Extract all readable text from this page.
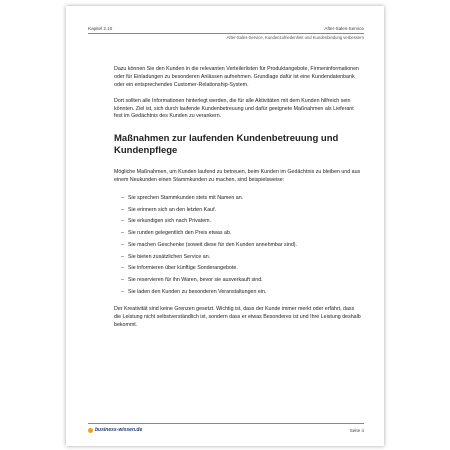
Kapitel 2.10	After-Sales-Service
After-Sales-Service, Kundenzufriedenheit und Kundenbindung verbessern

Dazu können Sie den Kunden in die relevanten Verteilerlisten für Produktangebote, Firmeninformationen oder für Einladungen zu besonderen Anlässen aufnehmen. Grundlage dafür ist eine Kundendatenbank oder ein entsprechendes Customer-Relationship-System.

Dort sollten alle Informationen hinterlegt werden, die für alle Aktivitäten mit dem Kunden hilfreich sein könnten. Ziel ist, sich durch laufende Kundenbetreuung und dafür geeignete Maßnahmen als Lieferant fest im Gedächtnis des Kunden zu verankern.

Maßnahmen zur laufenden Kundenbetreuung und Kundenpflege

Mögliche Maßnahmen, um Kunden laufend zu betreuen, beim Kunden im Gedächtnis zu bleiben und aus einem Neukunden einen Stammkunden zu machen, sind beispielsweise:

– Sie sprechen Stammkunden stets mit Namen an.
– Sie erinnern sich an den letzten Kauf.
– Sie erkundigen sich nach Privatem.
– Sie runden gelegentlich den Preis etwas ab.
– Sie machen Geschenke (soweit diese für den Kunden annehmbar sind).
– Sie bieten zusätzlichen Service an.
– Sie informieren über künftige Sonderangebote.
– Sie reservieren für ihn Waren, bevor sie ausverkauft sind.
– Sie laden den Kunden zu besonderen Veranstaltungen ein.

Der Kreativität sind keine Grenzen gesetzt. Wichtig ist, dass der Kunde immer merkt oder erfährt, dass die Leistung nicht selbstverständlich ist, sondern dass er etwas Besonderes ist und Ihre Leistung deshalb bekommt.

business-wissen.de	Seite 4
